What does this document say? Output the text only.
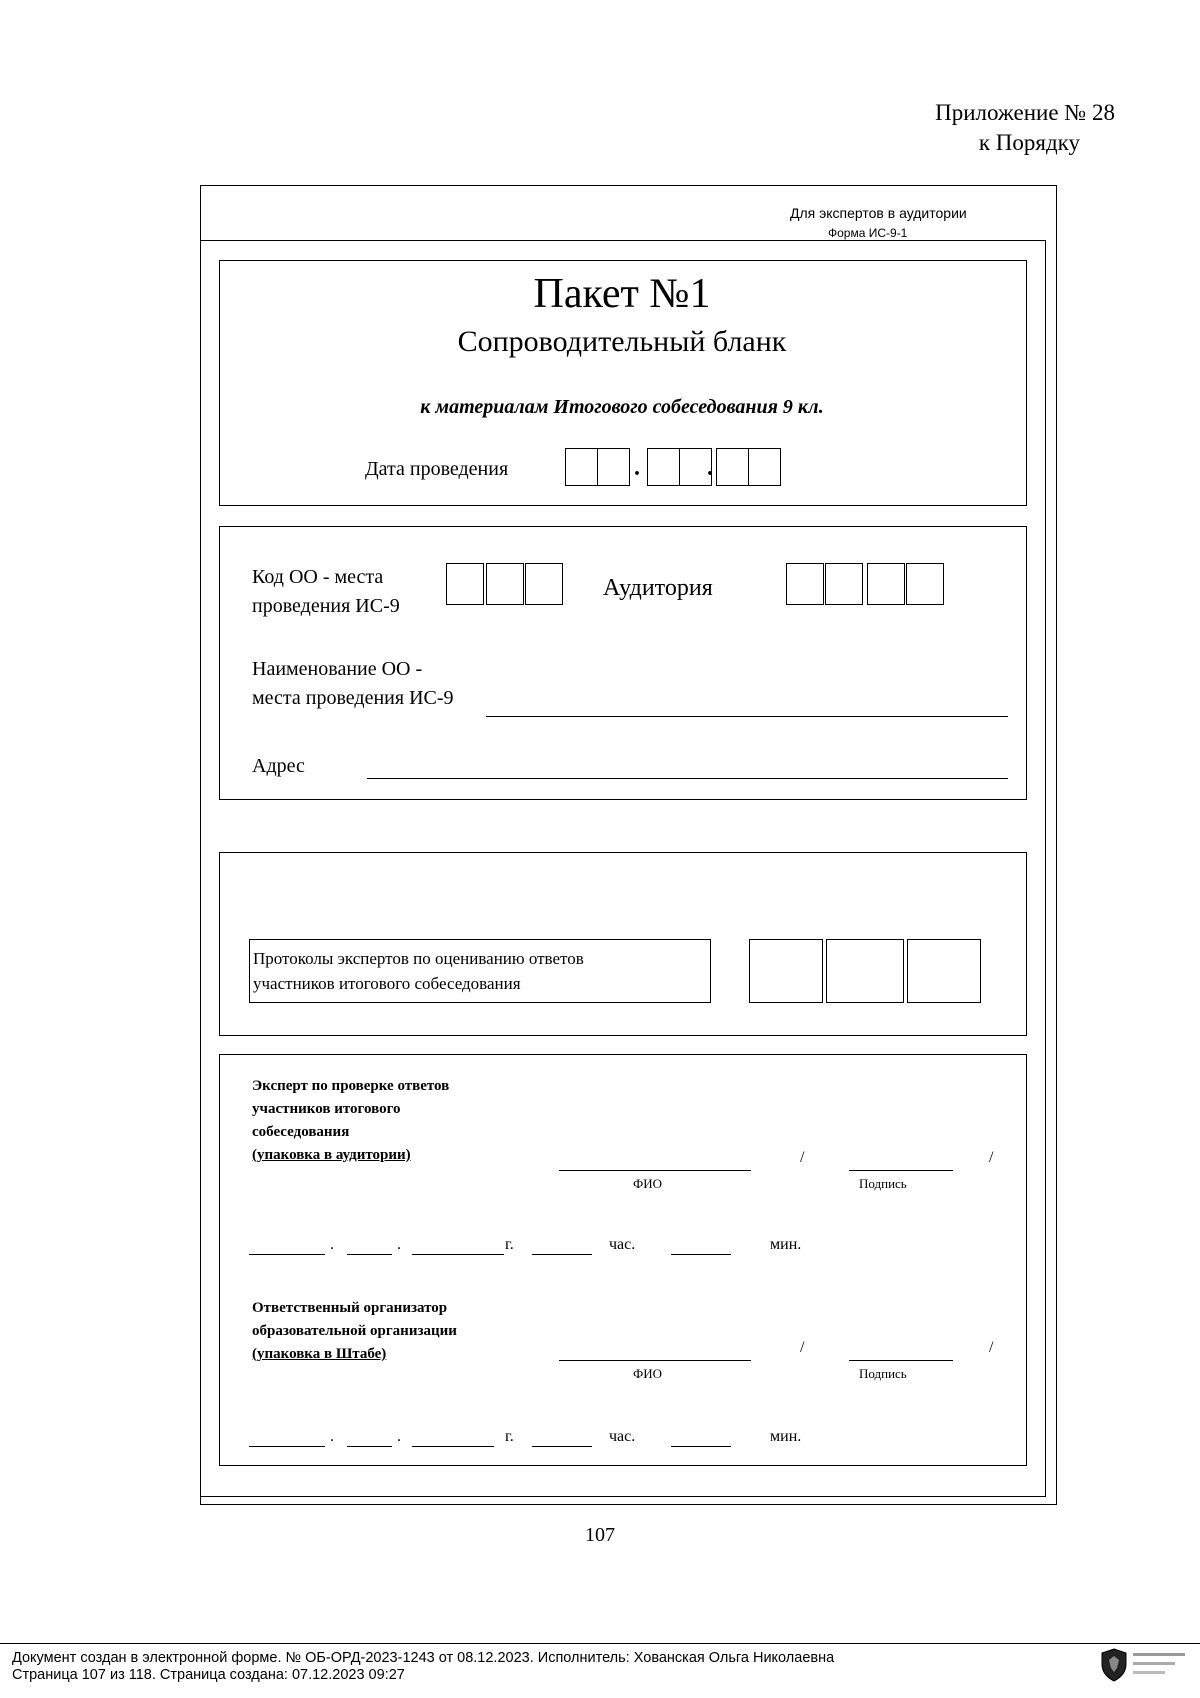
Приложение № 28
к Порядку
Для экспертов в аудитории
Форма ИС-9-1
Пакет №1
Сопроводительный бланк
к материалам Итогового собеседования 9 кл.
Дата проведения	.	.
Код ОО - места
проведения ИС-9
Аудитория
Наименование ОО -
места проведения ИС-9
Адрес
Протоколы экспертов по оцениванию ответов
участников итогового собеседования
Эксперт по проверке ответов
участников итогового
собеседования
(упаковка в аудитории)
ФИО
/
Подпись
/
.	.	г.	час.	мин.
Ответственный организатор
образовательной организации
(упаковка в Штабе)
ФИО
/
Подпись
/
.	.	г.	час.	мин.
107
Документ создан в электронной форме. № ОБ-ОРД-2023-1243 от 08.12.2023. Исполнитель: Хованская Ольга Николаевна
Страница 107 из 118. Страница создана: 07.12.2023 09:27
